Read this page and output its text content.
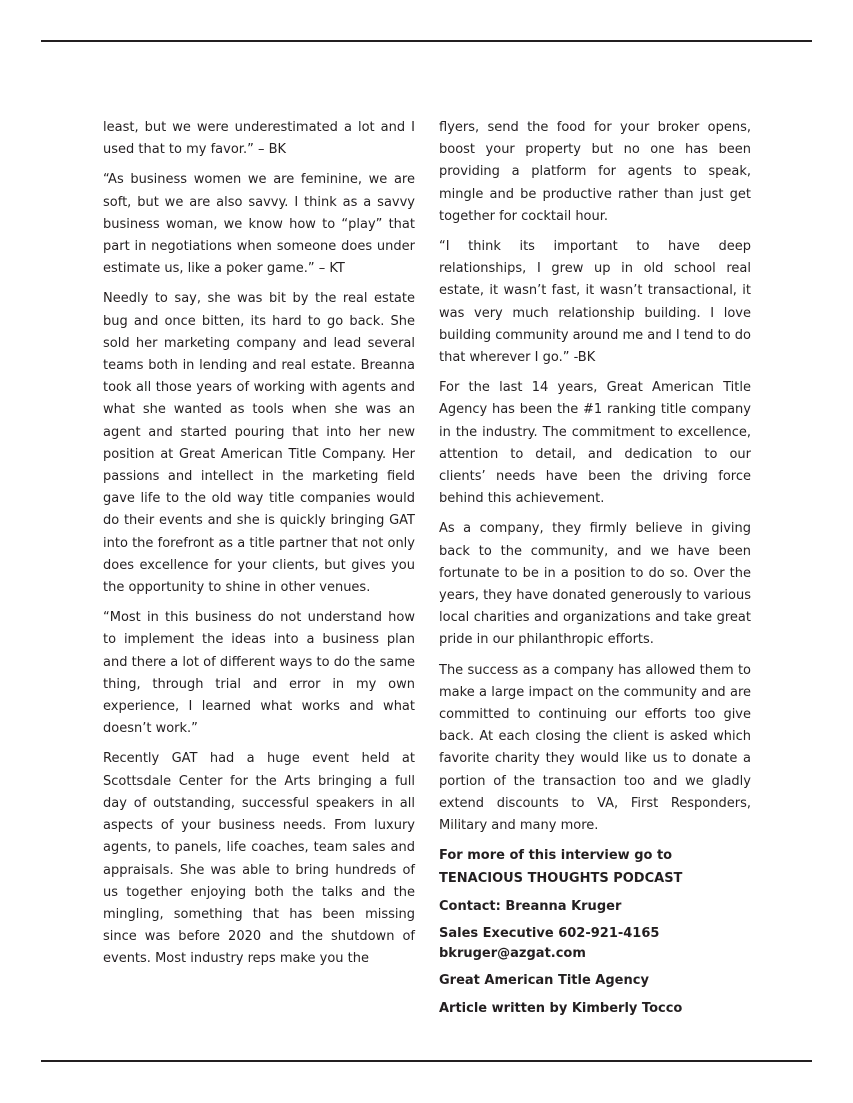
least, but we were underestimated a lot and I used that to my favor.” – BK

“As business women we are feminine, we are soft, but we are also savvy. I think as a savvy business woman, we know how to “play” that part in negotiations when someone does under estimate us, like a poker game.” – KT

Needly to say, she was bit by the real estate bug and once bitten, its hard to go back. She sold her marketing company and lead several teams both in lending and real estate. Breanna took all those years of working with agents and what she wanted as tools when she was an agent and started pouring that into her new position at Great American Title Company. Her passions and intellect in the marketing field gave life to the old way title companies would do their events and she is quickly bringing GAT into the forefront as a title partner that not only does excellence for your clients, but gives you the opportunity to shine in other venues.

“Most in this business do not understand how to implement the ideas into a business plan and there a lot of different ways to do the same thing, through trial and error in my own experience, I learned what works and what doesn’t work.”

Recently GAT had a huge event held at Scottsdale Center for the Arts bringing a full day of outstanding, successful speakers in all aspects of your business needs. From luxury agents, to panels, life coaches, team sales and appraisals. She was able to bring hundreds of us together enjoying both the talks and the mingling, something that has been missing since was before 2020 and the shutdown of events. Most industry reps make you the

flyers, send the food for your broker opens, boost your property but no one has been providing a platform for agents to speak, mingle and be productive rather than just get together for cocktail hour.

“I think its important to have deep relationships, I grew up in old school real estate, it wasn’t fast, it wasn’t transactional, it was very much relationship building. I love building community around me and I tend to do that wherever I go.” -BK

For the last 14 years, Great American Title Agency has been the #1 ranking title company in the industry. The commitment to excellence, attention to detail, and dedication to our clients’ needs have been the driving force behind this achievement.

As a company, they firmly believe in giving back to the community, and we have been fortunate to be in a position to do so. Over the years, they have donated generously to various local charities and organizations and take great pride in our philanthropic efforts.

The success as a company has allowed them to make a large impact on the community and are committed to continuing our efforts too give back. At each closing the client is asked which favorite charity they would like us to donate a portion of the transaction too and we gladly extend discounts to VA, First Responders, Military and many more.

For more of this interview go to
TENACIOUS THOUGHTS PODCAST

Contact: Breanna Kruger

Sales Executive 602-921-4165
bkruger@azgat.com

Great American Title Agency

Article written by Kimberly Tocco
